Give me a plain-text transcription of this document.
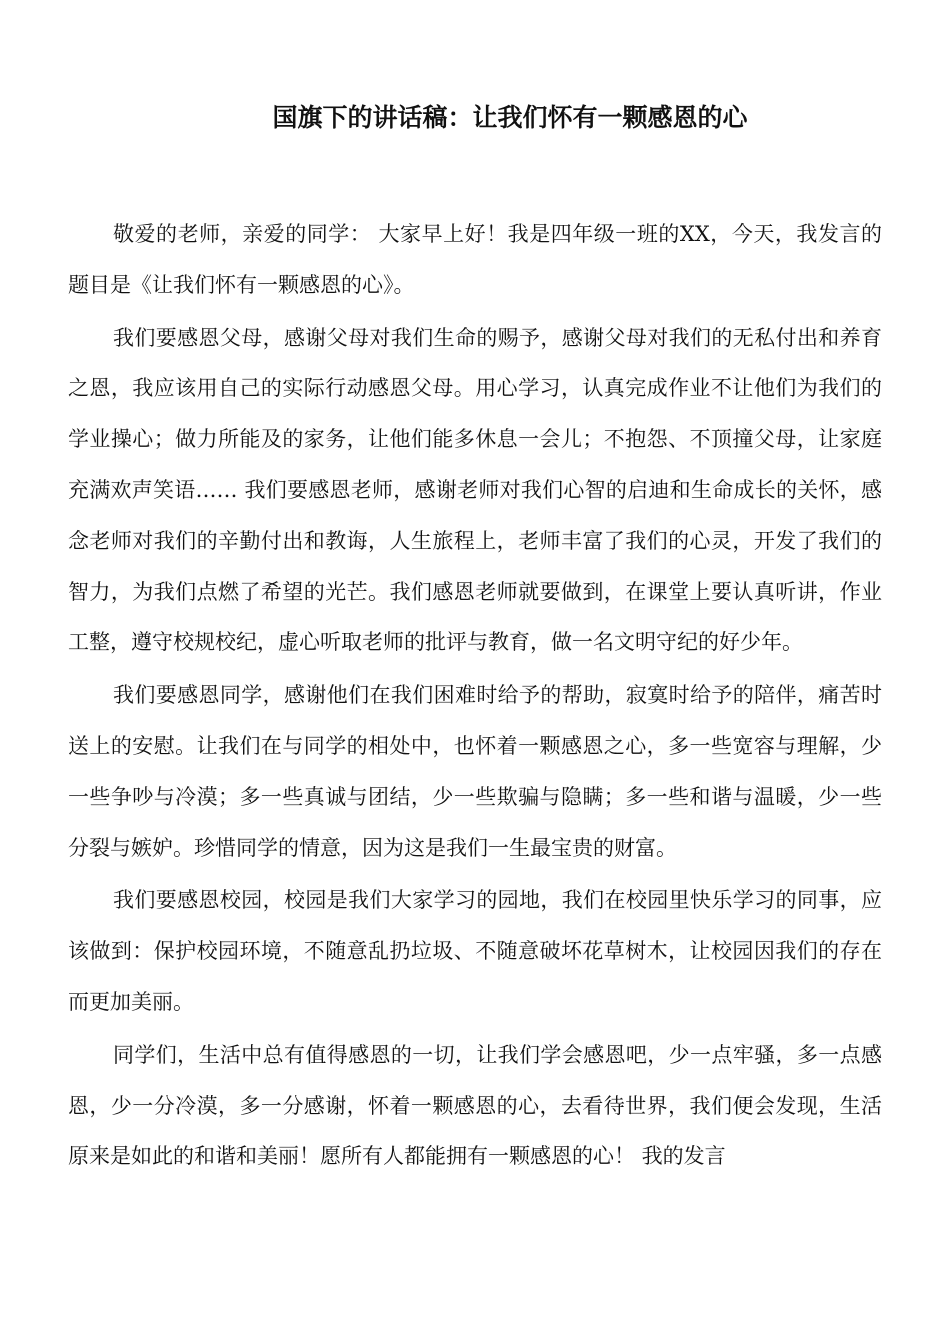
国旗下的讲话稿：让我们怀有一颗感恩的心

敬爱的老师，亲爱的同学： 大家早上好！我是四年级一班的XX，今天，我发言的题目是《让我们怀有一颗感恩的心》。

我们要感恩父母，感谢父母对我们生命的赐予，感谢父母对我们的无私付出和养育之恩，我应该用自己的实际行动感恩父母。用心学习，认真完成作业不让他们为我们的学业操心；做力所能及的家务，让他们能多休息一会儿；不抱怨、不顶撞父母，让家庭充满欢声笑语…… 我们要感恩老师，感谢老师对我们心智的启迪和生命成长的关怀，感念老师对我们的辛勤付出和教诲，人生旅程上，老师丰富了我们的心灵，开发了我们的智力，为我们点燃了希望的光芒。我们感恩老师就要做到，在课堂上要认真听讲，作业工整，遵守校规校纪，虚心听取老师的批评与教育，做一名文明守纪的好少年。

我们要感恩同学，感谢他们在我们困难时给予的帮助，寂寞时给予的陪伴，痛苦时送上的安慰。让我们在与同学的相处中，也怀着一颗感恩之心，多一些宽容与理解，少一些争吵与冷漠；多一些真诚与团结，少一些欺骗与隐瞒；多一些和谐与温暖，少一些分裂与嫉妒。珍惜同学的情意，因为这是我们一生最宝贵的财富。

我们要感恩校园，校园是我们大家学习的园地，我们在校园里快乐学习的同事，应该做到：保护校园环境，不随意乱扔垃圾、不随意破坏花草树木，让校园因我们的存在而更加美丽。

同学们，生活中总有值得感恩的一切，让我们学会感恩吧，少一点牢骚，多一点感恩，少一分冷漠，多一分感谢，怀着一颗感恩的心，去看待世界，我们便会发现，生活原来是如此的和谐和美丽！愿所有人都能拥有一颗感恩的心！ 我的发言
